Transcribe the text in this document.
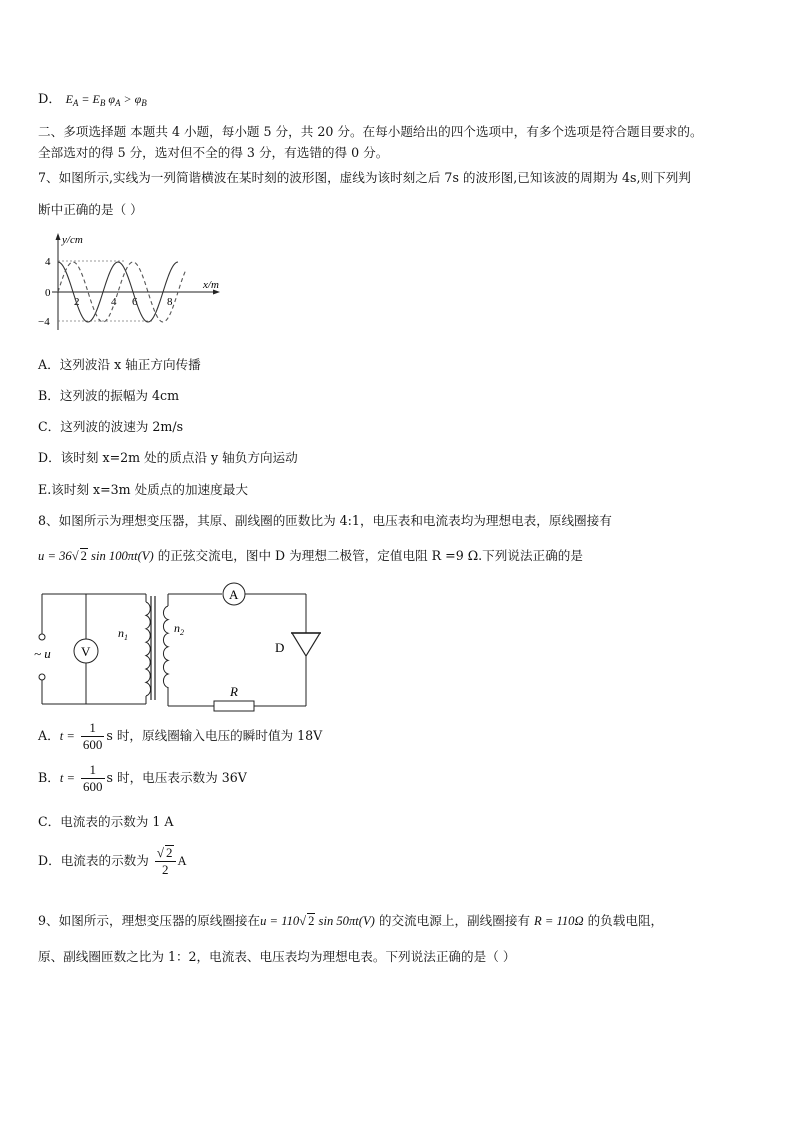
D． $E_A = E_B$ $\varphi_A > \varphi_B$
二、多项选择题 本题共 4 小题，每小题 5 分，共 20 分。在每小题给出的四个选项中，有多个选项是符合题目要求的。
全部选对的得 5 分，选对但不全的得 3 分，有选错的得 0 分。
7、如图所示,实线为一列简谐横波在某时刻的波形图，虚线为该时刻之后 7s 的波形图,已知该波的周期为 4s,则下列判
断中正确的是（ ）
y/cm
x/m
4
0
−4
2	4 6	8
A．这列波沿 x 轴正方向传播
B．这列波的振幅为 4cm
C．这列波的波速为 2m/s
D．该时刻 x=2m 处的质点沿 y 轴负方向运动
E.该时刻 x=3m 处质点的加速度最大
8、如图所示为理想变压器，其原、副线圈的匝数比为 4:1，电压表和电流表均为理想电表，原线圈接有
u = 36√ 2 sin 100πt(V) 的正弦交流电，图中 D 为理想二极管，定值电阻 R =9 Ω.下列说法正确的是
~ u V
$n_1$
$n_2$
A
D
R
A．$t = \frac{1}{600}$ s 时，原线圈输入电压的瞬时值为 18V
B．$t = \frac{1}{600}$ s 时，电压表示数为 36V
C．电流表的示数为 1 A
D．电流表的示数为 $\frac{√ 2}{2}$ A
9、如图所示，理想变压器的原线圈接在u = 110√ 2 sin 50πt(V) 的交流电源上，副线圈接有 R = 110Ω 的负载电阻，
原、副线圈匝数之比为 1：2，电流表、电压表均为理想电表。下列说法正确的是（ ）
